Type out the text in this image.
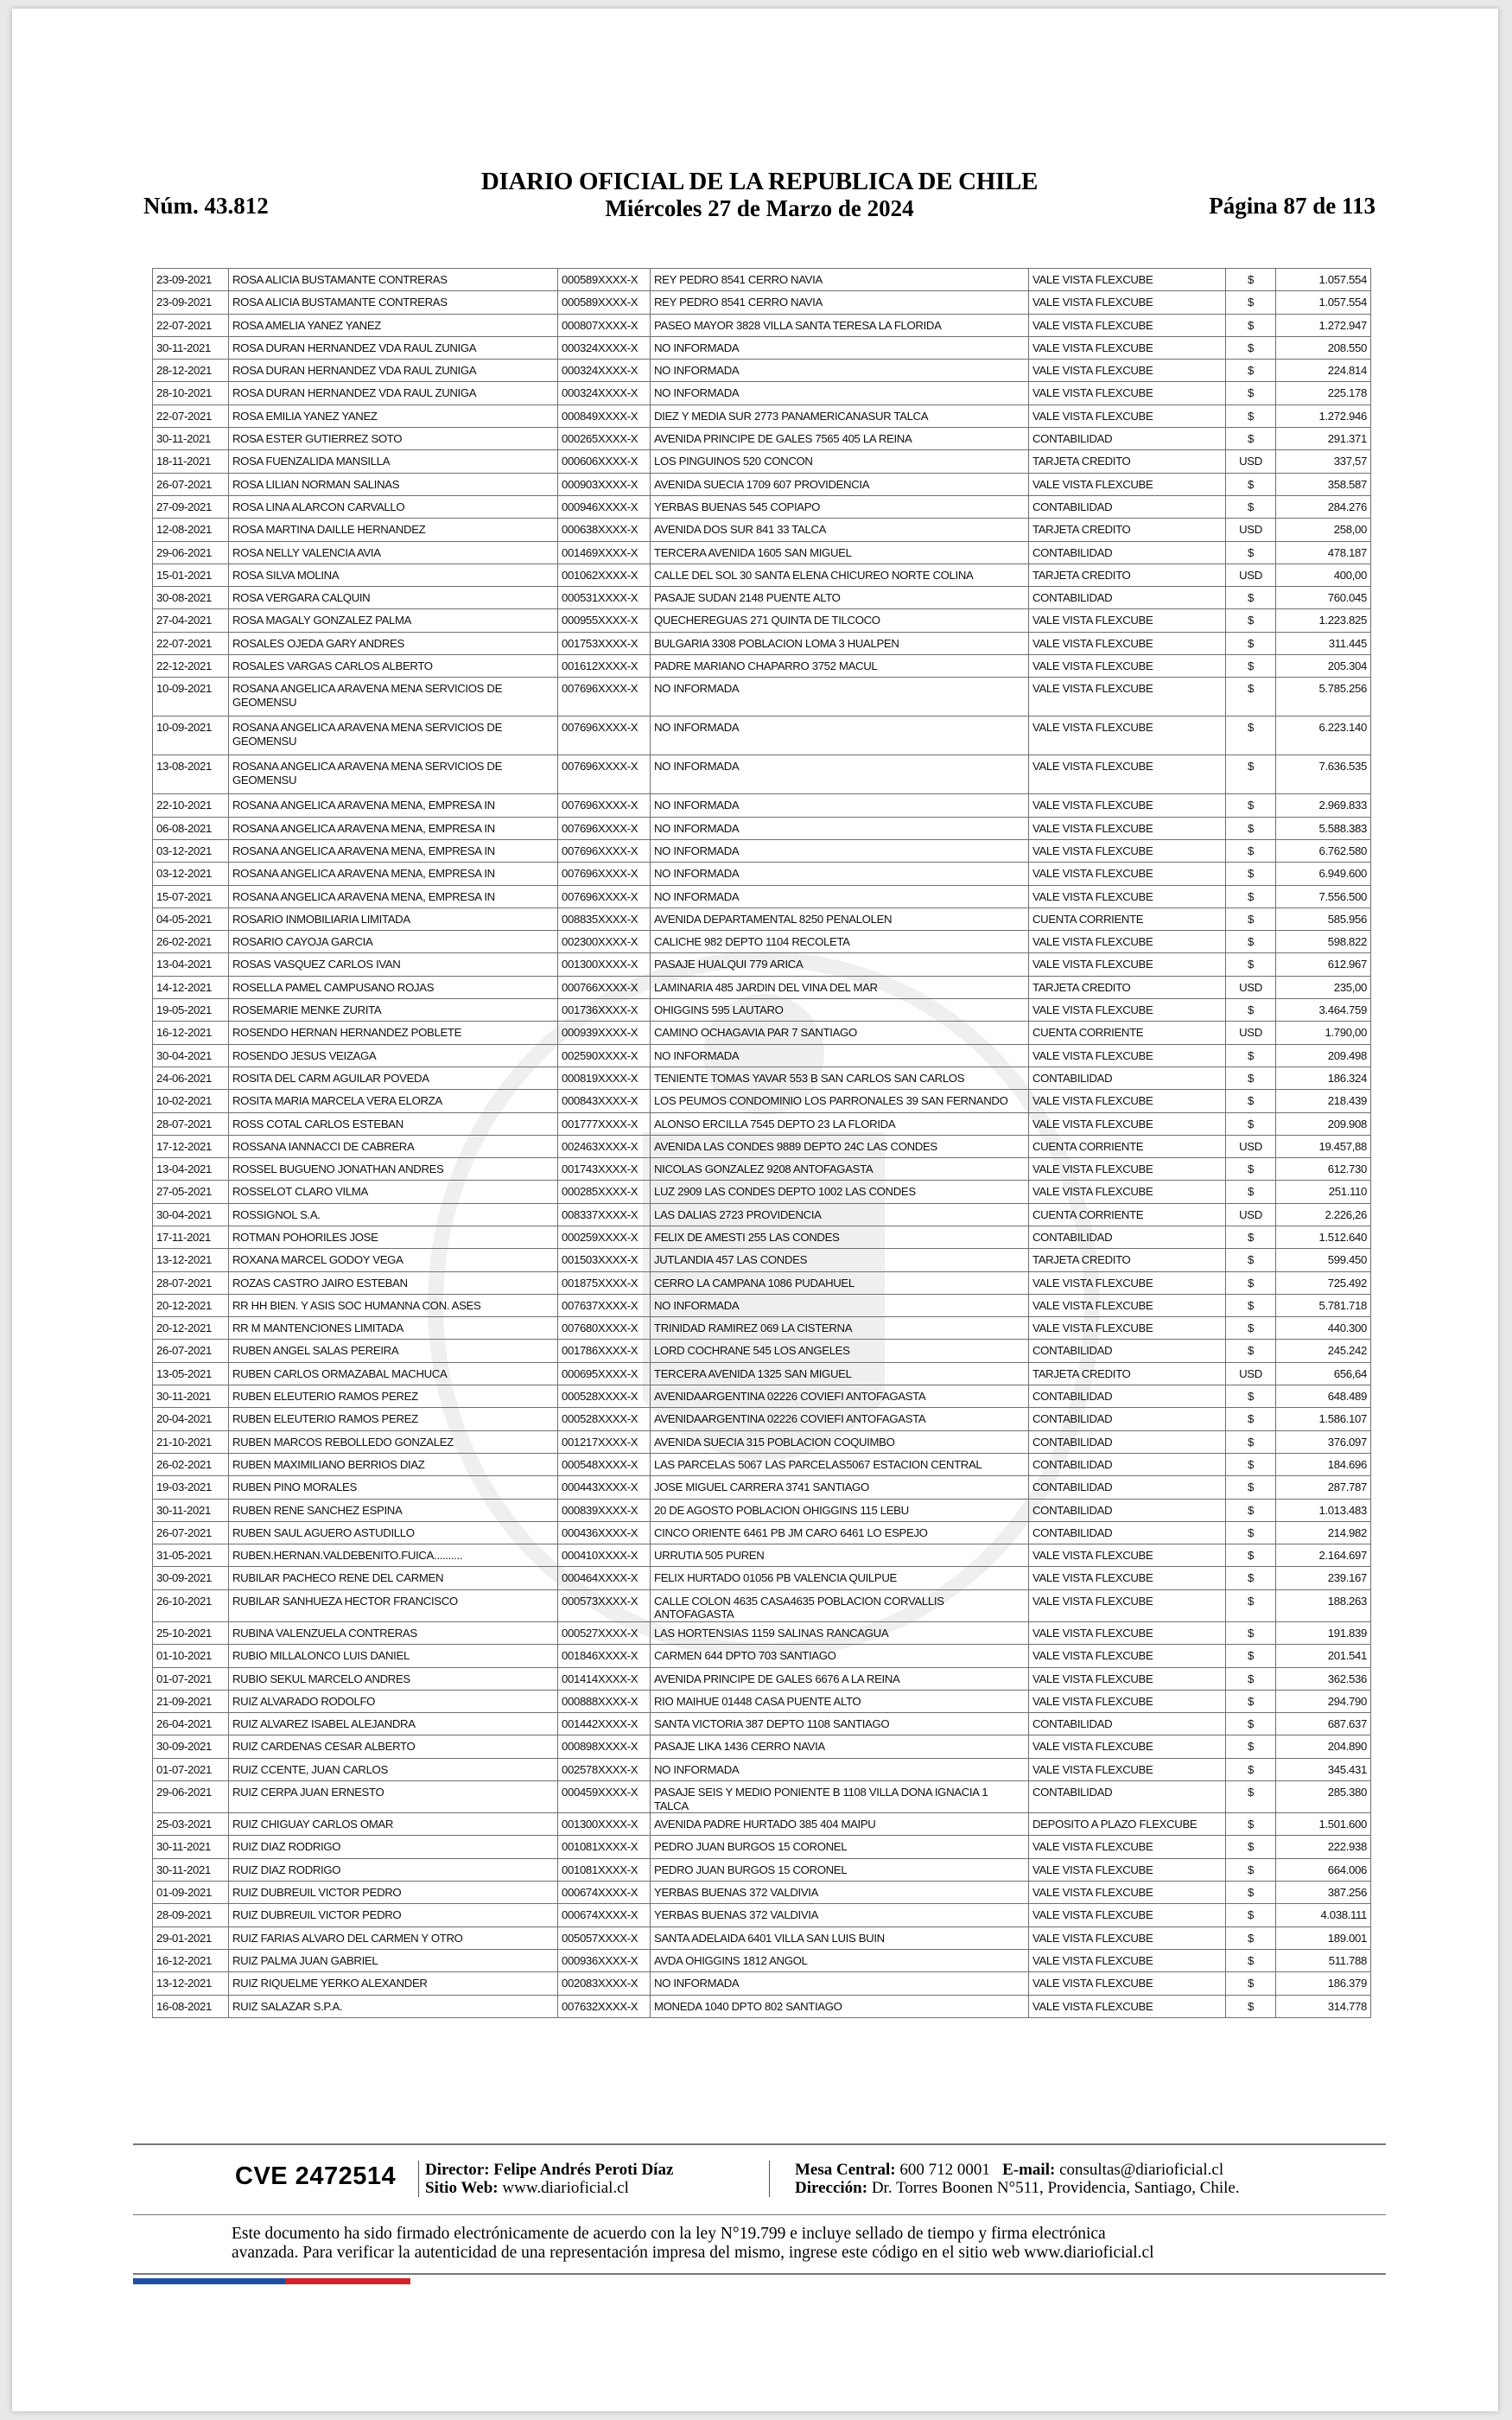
Núm. 43.812
DIARIO OFICIAL DE LA REPUBLICA DE CHILE
Miércoles 27 de Marzo de 2024	Página 87 de 113
23-09-2021	ROSA ALICIA BUSTAMANTE CONTRERAS	000589XXXX-X	REY PEDRO 8541 CERRO NAVIA	VALE VISTA FLEXCUBE	$	1.057.554

23-09-2021	ROSA ALICIA BUSTAMANTE CONTRERAS	000589XXXX-X	REY PEDRO 8541 CERRO NAVIA	VALE VISTA FLEXCUBE	$	1.057.554

22-07-2021	ROSA AMELIA YANEZ YANEZ	000807XXXX-X	PASEO MAYOR 3828 VILLA SANTA TERESA LA FLORIDA	VALE VISTA FLEXCUBE	$	1.272.947

30-11-2021	ROSA DURAN HERNANDEZ VDA RAUL ZUNIGA	000324XXXX-X	NO INFORMADA	VALE VISTA FLEXCUBE	$	208.550

28-12-2021	ROSA DURAN HERNANDEZ VDA RAUL ZUNIGA	000324XXXX-X	NO INFORMADA	VALE VISTA FLEXCUBE	$	224.814

28-10-2021	ROSA DURAN HERNANDEZ VDA RAUL ZUNIGA	000324XXXX-X	NO INFORMADA	VALE VISTA FLEXCUBE	$	225.178

22-07-2021	ROSA EMILIA YANEZ YANEZ	000849XXXX-X	DIEZ Y MEDIA SUR 2773 PANAMERICANASUR TALCA	VALE VISTA FLEXCUBE	$	1.272.946

30-11-2021	ROSA ESTER GUTIERREZ SOTO	000265XXXX-X	AVENIDA PRINCIPE DE GALES 7565 405 LA REINA	CONTABILIDAD	$	291.371

18-11-2021	ROSA FUENZALIDA MANSILLA	000606XXXX-X	LOS PINGUINOS 520 CONCON	TARJETA CREDITO	USD	337,57

26-07-2021	ROSA LILIAN NORMAN SALINAS	000903XXXX-X	AVENIDA SUECIA 1709 607 PROVIDENCIA	VALE VISTA FLEXCUBE	$	358.587

27-09-2021	ROSA LINA ALARCON CARVALLO	000946XXXX-X	YERBAS BUENAS 545 COPIAPO	CONTABILIDAD	$	284.276

12-08-2021	ROSA MARTINA DAILLE HERNANDEZ	000638XXXX-X	AVENIDA DOS SUR 841 33 TALCA	TARJETA CREDITO	USD	258,00

29-06-2021	ROSA NELLY VALENCIA AVIA	001469XXXX-X	TERCERA AVENIDA 1605 SAN MIGUEL	CONTABILIDAD	$	478.187

15-01-2021	ROSA SILVA MOLINA	001062XXXX-X	CALLE DEL SOL 30 SANTA ELENA CHICUREO NORTE COLINA	TARJETA CREDITO	USD	400,00

30-08-2021	ROSA VERGARA CALQUIN	000531XXXX-X	PASAJE SUDAN 2148 PUENTE ALTO	CONTABILIDAD	$	760.045

27-04-2021	ROSA MAGALY GONZALEZ PALMA	000955XXXX-X	QUECHEREGUAS 271 QUINTA DE TILCOCO	VALE VISTA FLEXCUBE	$	1.223.825

22-07-2021	ROSALES OJEDA GARY ANDRES	001753XXXX-X	BULGARIA 3308 POBLACION LOMA 3 HUALPEN	VALE VISTA FLEXCUBE	$	311.445

22-12-2021	ROSALES VARGAS CARLOS ALBERTO	001612XXXX-X	PADRE MARIANO CHAPARRO 3752 MACUL	VALE VISTA FLEXCUBE	$	205.304

10-09-2021	ROSANA ANGELICA ARAVENA MENA SERVICIOS DE GEOMENSU	007696XXXX-X	NO INFORMADA	VALE VISTA FLEXCUBE	$	5.785.256

10-09-2021	ROSANA ANGELICA ARAVENA MENA SERVICIOS DE GEOMENSU	007696XXXX-X	NO INFORMADA	VALE VISTA FLEXCUBE	$	6.223.140

13-08-2021	ROSANA ANGELICA ARAVENA MENA SERVICIOS DE GEOMENSU	007696XXXX-X	NO INFORMADA	VALE VISTA FLEXCUBE	$	7.636.535

22-10-2021	ROSANA ANGELICA ARAVENA MENA, EMPRESA IN	007696XXXX-X	NO INFORMADA	VALE VISTA FLEXCUBE	$	2.969.833

06-08-2021	ROSANA ANGELICA ARAVENA MENA, EMPRESA IN	007696XXXX-X	NO INFORMADA	VALE VISTA FLEXCUBE	$	5.588.383

03-12-2021	ROSANA ANGELICA ARAVENA MENA, EMPRESA IN	007696XXXX-X	NO INFORMADA	VALE VISTA FLEXCUBE	$	6.762.580

03-12-2021	ROSANA ANGELICA ARAVENA MENA, EMPRESA IN	007696XXXX-X	NO INFORMADA	VALE VISTA FLEXCUBE	$	6.949.600

15-07-2021	ROSANA ANGELICA ARAVENA MENA, EMPRESA IN	007696XXXX-X	NO INFORMADA	VALE VISTA FLEXCUBE	$	7.556.500

04-05-2021	ROSARIO INMOBILIARIA LIMITADA	008835XXXX-X	AVENIDA DEPARTAMENTAL 8250 PENALOLEN	CUENTA CORRIENTE	$	585.956

26-02-2021	ROSARIO CAYOJA GARCIA	002300XXXX-X	CALICHE 982 DEPTO 1104 RECOLETA	VALE VISTA FLEXCUBE	$	598.822

13-04-2021	ROSAS VASQUEZ CARLOS IVAN	001300XXXX-X	PASAJE HUALQUI 779 ARICA	VALE VISTA FLEXCUBE	$	612.967

14-12-2021	ROSELLA PAMEL CAMPUSANO ROJAS	000766XXXX-X	LAMINARIA 485 JARDIN DEL VINA DEL MAR	TARJETA CREDITO	USD	235,00

19-05-2021	ROSEMARIE MENKE ZURITA	001736XXXX-X	OHIGGINS 595 LAUTARO	VALE VISTA FLEXCUBE	$	3.464.759

16-12-2021	ROSENDO HERNAN HERNANDEZ POBLETE	000939XXXX-X	CAMINO OCHAGAVIA PAR 7 SANTIAGO	CUENTA CORRIENTE	USD	1.790,00

30-04-2021	ROSENDO JESUS VEIZAGA	002590XXXX-X	NO INFORMADA	VALE VISTA FLEXCUBE	$	209.498

24-06-2021	ROSITA DEL CARM AGUILAR POVEDA	000819XXXX-X	TENIENTE TOMAS YAVAR 553 B SAN CARLOS SAN CARLOS	CONTABILIDAD	$	186.324

10-02-2021	ROSITA MARIA MARCELA VERA ELORZA	000843XXXX-X	LOS PEUMOS CONDOMINIO LOS PARRONALES 39 SAN FERNANDO	VALE VISTA FLEXCUBE	$	218.439

28-07-2021	ROSS COTAL CARLOS ESTEBAN	001777XXXX-X	ALONSO ERCILLA 7545 DEPTO 23 LA FLORIDA	VALE VISTA FLEXCUBE	$	209.908

17-12-2021	ROSSANA IANNACCI DE CABRERA	002463XXXX-X	AVENIDA LAS CONDES 9889 DEPTO 24C LAS CONDES	CUENTA CORRIENTE	USD	19.457,88

13-04-2021	ROSSEL BUGUENO JONATHAN ANDRES	001743XXXX-X	NICOLAS GONZALEZ 9208 ANTOFAGASTA	VALE VISTA FLEXCUBE	$	612.730

27-05-2021	ROSSELOT CLARO VILMA	000285XXXX-X	LUZ 2909 LAS CONDES DEPTO 1002 LAS CONDES	VALE VISTA FLEXCUBE	$	251.110

30-04-2021	ROSSIGNOL S.A.	008337XXXX-X	LAS DALIAS 2723 PROVIDENCIA	CUENTA CORRIENTE	USD	2.226,26

17-11-2021	ROTMAN POHORILES JOSE	000259XXXX-X	FELIX DE AMESTI 255 LAS CONDES	CONTABILIDAD	$	1.512.640

13-12-2021	ROXANA MARCEL GODOY VEGA	001503XXXX-X	JUTLANDIA 457 LAS CONDES	TARJETA CREDITO	$	599.450

28-07-2021	ROZAS CASTRO JAIRO ESTEBAN	001875XXXX-X	CERRO LA CAMPANA 1086 PUDAHUEL	VALE VISTA FLEXCUBE	$	725.492

20-12-2021	RR HH BIEN. Y ASIS SOC HUMANNA CON. ASES	007637XXXX-X	NO INFORMADA	VALE VISTA FLEXCUBE	$	5.781.718

20-12-2021	RR M MANTENCIONES LIMITADA	007680XXXX-X	TRINIDAD RAMIREZ 069 LA CISTERNA	VALE VISTA FLEXCUBE	$	440.300

26-07-2021	RUBEN ANGEL SALAS PEREIRA	001786XXXX-X	LORD COCHRANE 545 LOS ANGELES	CONTABILIDAD	$	245.242

13-05-2021	RUBEN CARLOS ORMAZABAL MACHUCA	000695XXXX-X	TERCERA AVENIDA 1325 SAN MIGUEL	TARJETA CREDITO	USD	656,64

30-11-2021	RUBEN ELEUTERIO RAMOS PEREZ	000528XXXX-X	AVENIDAARGENTINA 02226 COVIEFI ANTOFAGASTA	CONTABILIDAD	$	648.489

20-04-2021	RUBEN ELEUTERIO RAMOS PEREZ	000528XXXX-X	AVENIDAARGENTINA 02226 COVIEFI ANTOFAGASTA	CONTABILIDAD	$	1.586.107

21-10-2021	RUBEN MARCOS REBOLLEDO GONZALEZ	001217XXXX-X	AVENIDA SUECIA 315 POBLACION COQUIMBO	CONTABILIDAD	$	376.097

26-02-2021	RUBEN MAXIMILIANO BERRIOS DIAZ	000548XXXX-X	LAS PARCELAS 5067 LAS PARCELAS5067 ESTACION CENTRAL	CONTABILIDAD	$	184.696

19-03-2021	RUBEN PINO MORALES	000443XXXX-X	JOSE MIGUEL CARRERA 3741 SANTIAGO	CONTABILIDAD	$	287.787

30-11-2021	RUBEN RENE SANCHEZ ESPINA	000839XXXX-X	20 DE AGOSTO POBLACION OHIGGINS 115 LEBU	CONTABILIDAD	$	1.013.483

26-07-2021	RUBEN SAUL AGUERO ASTUDILLO	000436XXXX-X	CINCO ORIENTE 6461 PB JM CARO 6461 LO ESPEJO	CONTABILIDAD	$	214.982

31-05-2021	RUBEN.HERNAN.VALDEBENITO.FUICA..........	000410XXXX-X	URRUTIA 505 PUREN	VALE VISTA FLEXCUBE	$	2.164.697

30-09-2021	RUBILAR PACHECO RENE DEL CARMEN	000464XXXX-X	FELIX HURTADO 01056 PB VALENCIA QUILPUE	VALE VISTA FLEXCUBE	$	239.167

26-10-2021	RUBILAR SANHUEZA HECTOR FRANCISCO	000573XXXX-X	CALLE COLON 4635 CASA4635 POBLACION CORVALLIS ANTOFAGASTA	VALE VISTA FLEXCUBE	$	188.263

25-10-2021	RUBINA VALENZUELA CONTRERAS	000527XXXX-X	LAS HORTENSIAS 1159 SALINAS RANCAGUA	VALE VISTA FLEXCUBE	$	191.839

01-10-2021	RUBIO MILLALONCO LUIS DANIEL	001846XXXX-X	CARMEN 644 DPTO 703 SANTIAGO	VALE VISTA FLEXCUBE	$	201.541

01-07-2021	RUBIO SEKUL MARCELO ANDRES	001414XXXX-X	AVENIDA PRINCIPE DE GALES 6676 A LA REINA	VALE VISTA FLEXCUBE	$	362.536

21-09-2021	RUIZ ALVARADO RODOLFO	000888XXXX-X	RIO MAIHUE 01448 CASA PUENTE ALTO	VALE VISTA FLEXCUBE	$	294.790

26-04-2021	RUIZ ALVAREZ ISABEL ALEJANDRA	001442XXXX-X	SANTA VICTORIA 387 DEPTO 1108 SANTIAGO	CONTABILIDAD	$	687.637

30-09-2021	RUIZ CARDENAS CESAR ALBERTO	000898XXXX-X	PASAJE LIKA 1436 CERRO NAVIA	VALE VISTA FLEXCUBE	$	204.890

01-07-2021	RUIZ CCENTE, JUAN CARLOS	002578XXXX-X	NO INFORMADA	VALE VISTA FLEXCUBE	$	345.431

29-06-2021	RUIZ CERPA JUAN ERNESTO	000459XXXX-X	PASAJE SEIS Y MEDIO PONIENTE B 1108 VILLA DONA IGNACIA 1 TALCA	CONTABILIDAD	$	285.380

25-03-2021	RUIZ CHIGUAY CARLOS OMAR	001300XXXX-X	AVENIDA PADRE HURTADO 385 404 MAIPU	DEPOSITO A PLAZO FLEXCUBE	$	1.501.600

30-11-2021	RUIZ DIAZ RODRIGO	001081XXXX-X	PEDRO JUAN BURGOS 15 CORONEL	VALE VISTA FLEXCUBE	$	222.938

30-11-2021	RUIZ DIAZ RODRIGO	001081XXXX-X	PEDRO JUAN BURGOS 15 CORONEL	VALE VISTA FLEXCUBE	$	664.006

01-09-2021	RUIZ DUBREUIL VICTOR PEDRO	000674XXXX-X	YERBAS BUENAS 372 VALDIVIA	VALE VISTA FLEXCUBE	$	387.256

28-09-2021	RUIZ DUBREUIL VICTOR PEDRO	000674XXXX-X	YERBAS BUENAS 372 VALDIVIA	VALE VISTA FLEXCUBE	$	4.038.111

29-01-2021	RUIZ FARIAS ALVARO DEL CARMEN Y OTRO	005057XXXX-X	SANTA ADELAIDA 6401 VILLA SAN LUIS BUIN	VALE VISTA FLEXCUBE	$	189.001

16-12-2021	RUIZ PALMA JUAN GABRIEL	000936XXXX-X	AVDA OHIGGINS 1812 ANGOL	VALE VISTA FLEXCUBE	$	511.788

13-12-2021	RUIZ RIQUELME YERKO ALEXANDER	002083XXXX-X	NO INFORMADA	VALE VISTA FLEXCUBE	$	186.379

16-08-2021	RUIZ SALAZAR S.P.A.	007632XXXX-X	MONEDA 1040 DPTO 802 SANTIAGO	VALE VISTA FLEXCUBE	$	314.778
CVE 2472514 Director: Felipe Andrés Peroti Díaz
Sitio Web: www.diarioficial.cl
Mesa Central: 600 712 0001 E-mail: consultas@diarioficial.cl
Dirección: Dr. Torres Boonen N°511, Providencia, Santiago, Chile.
Este documento ha sido firmado electrónicamente de acuerdo con la ley N°19.799 e incluye sellado de tiempo y firma electrónica
avanzada. Para verificar la autenticidad de una representación impresa del mismo, ingrese este código en el sitio web www.diarioficial.cl
